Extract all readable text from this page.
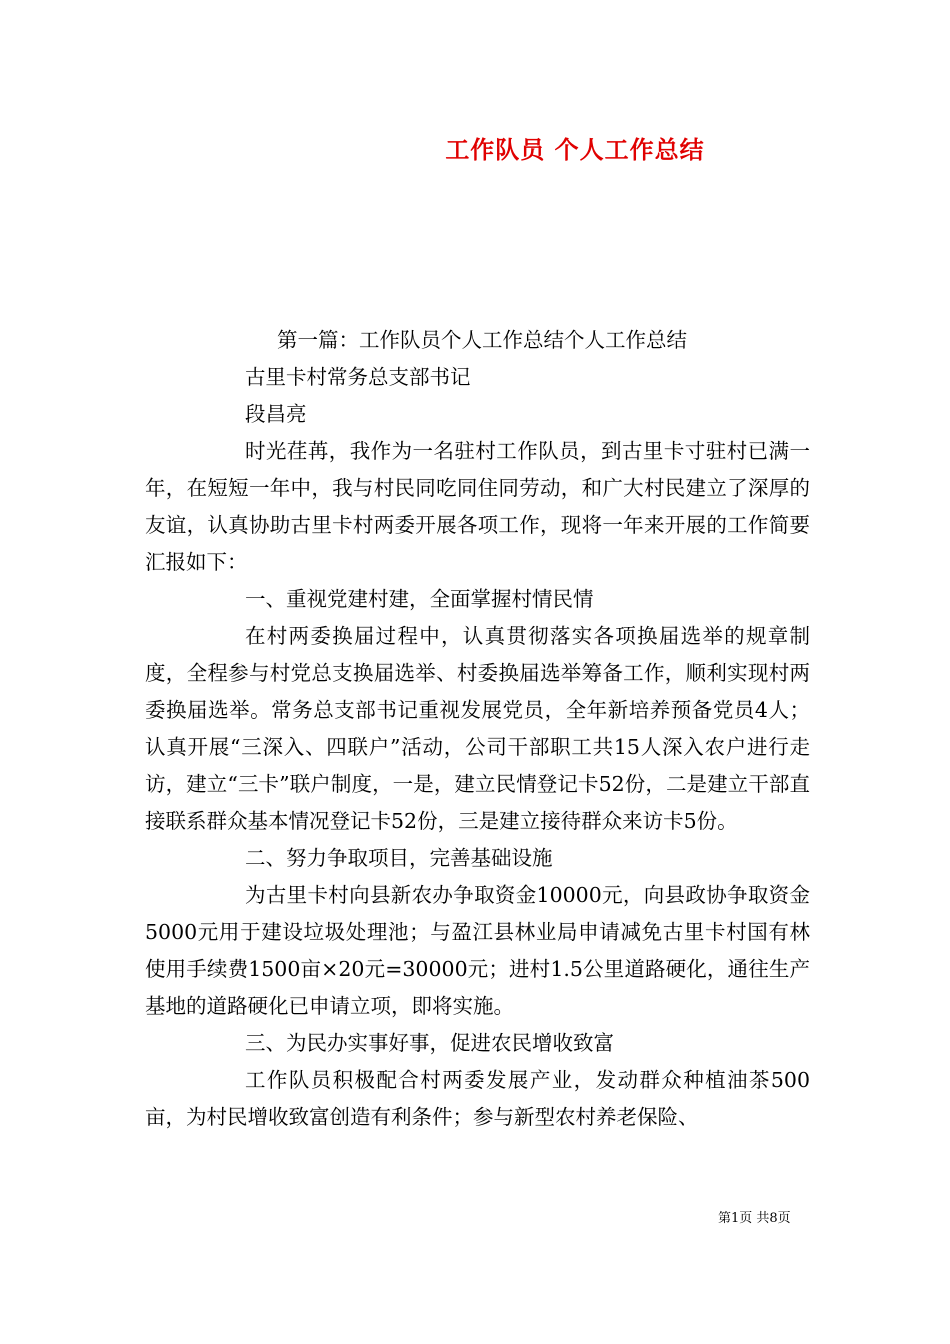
工作队员 个人工作总结

第一篇：工作队员个人工作总结个人工作总结

古里卡村常务总支部书记

段昌亮

时光荏苒，我作为一名驻村工作队员，到古里卡寸驻村已满一年，在短短一年中，我与村民同吃同住同劳动，和广大村民建立了深厚的友谊，认真协助古里卡村两委开展各项工作，现将一年来开展的工作简要汇报如下：

一、重视党建村建，全面掌握村情民情

在村两委换届过程中，认真贯彻落实各项换届选举的规章制度，全程参与村党总支换届选举、村委换届选举筹备工作，顺利实现村两委换届选举。常务总支部书记重视发展党员，全年新培养预备党员4人；认真开展“三深入、四联户”活动，公司干部职工共15人深入农户进行走访，建立“三卡”联户制度，一是，建立民情登记卡52份，二是建立干部直接联系群众基本情况登记卡52份，三是建立接待群众来访卡5份。

二、努力争取项目，完善基础设施

为古里卡村向县新农办争取资金10000元，向县政协争取资金5000元用于建设垃圾处理池；与盈江县林业局申请减免古里卡村国有林使用手续费1500亩×20元=30000元；进村1.5公里道路硬化，通往生产基地的道路硬化已申请立项，即将实施。

三、为民办实事好事，促进农民增收致富

工作队员积极配合村两委发展产业，发动群众种植油茶500亩，为村民增收致富创造有利条件；参与新型农村养老保险、

第1页 共8页
